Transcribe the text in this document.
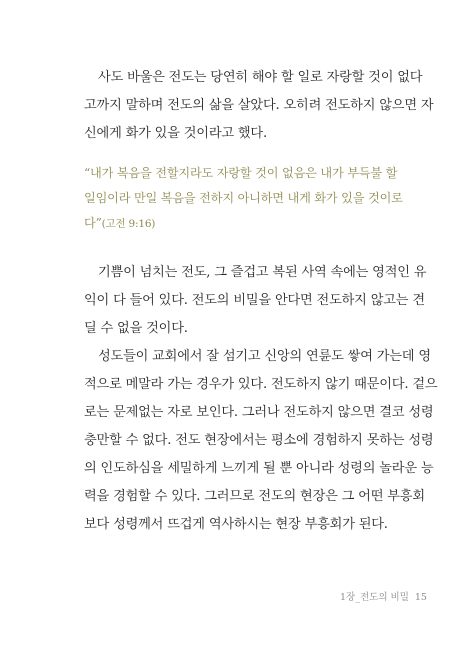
사도 바울은 전도는 당연히 해야 할 일로 자랑할 것이 없다
고까지 말하며 전도의 삶을 살았다. 오히려 전도하지 않으면 자
신에게 화가 있을 것이라고 했다.
“내가 복음을 전할지라도 자랑할 것이 없음은 내가 부득불 할
일임이라 만일 복음을 전하지 아니하면 내게 화가 있을 것이로
다”(고전 9:16)
기쁨이 넘치는 전도, 그 즐겁고 복된 사역 속에는 영적인 유
익이 다 들어 있다. 전도의 비밀을 안다면 전도하지 않고는 견
딜 수 없을 것이다.
성도들이 교회에서 잘 섬기고 신앙의 연륜도 쌓여 가는데 영
적으로 메말라 가는 경우가 있다. 전도하지 않기 때문이다. 겉으
로는 문제없는 자로 보인다. 그러나 전도하지 않으면 결코 성령
충만할 수 없다. 전도 현장에서는 평소에 경험하지 못하는 성령
의 인도하심을 세밀하게 느끼게 될 뿐 아니라 성령의 놀라운 능
력을 경험할 수 있다. 그러므로 전도의 현장은 그 어떤 부흥회
보다 성령께서 뜨겁게 역사하시는 현장 부흥회가 된다.
1장_전도의 비밀 15
